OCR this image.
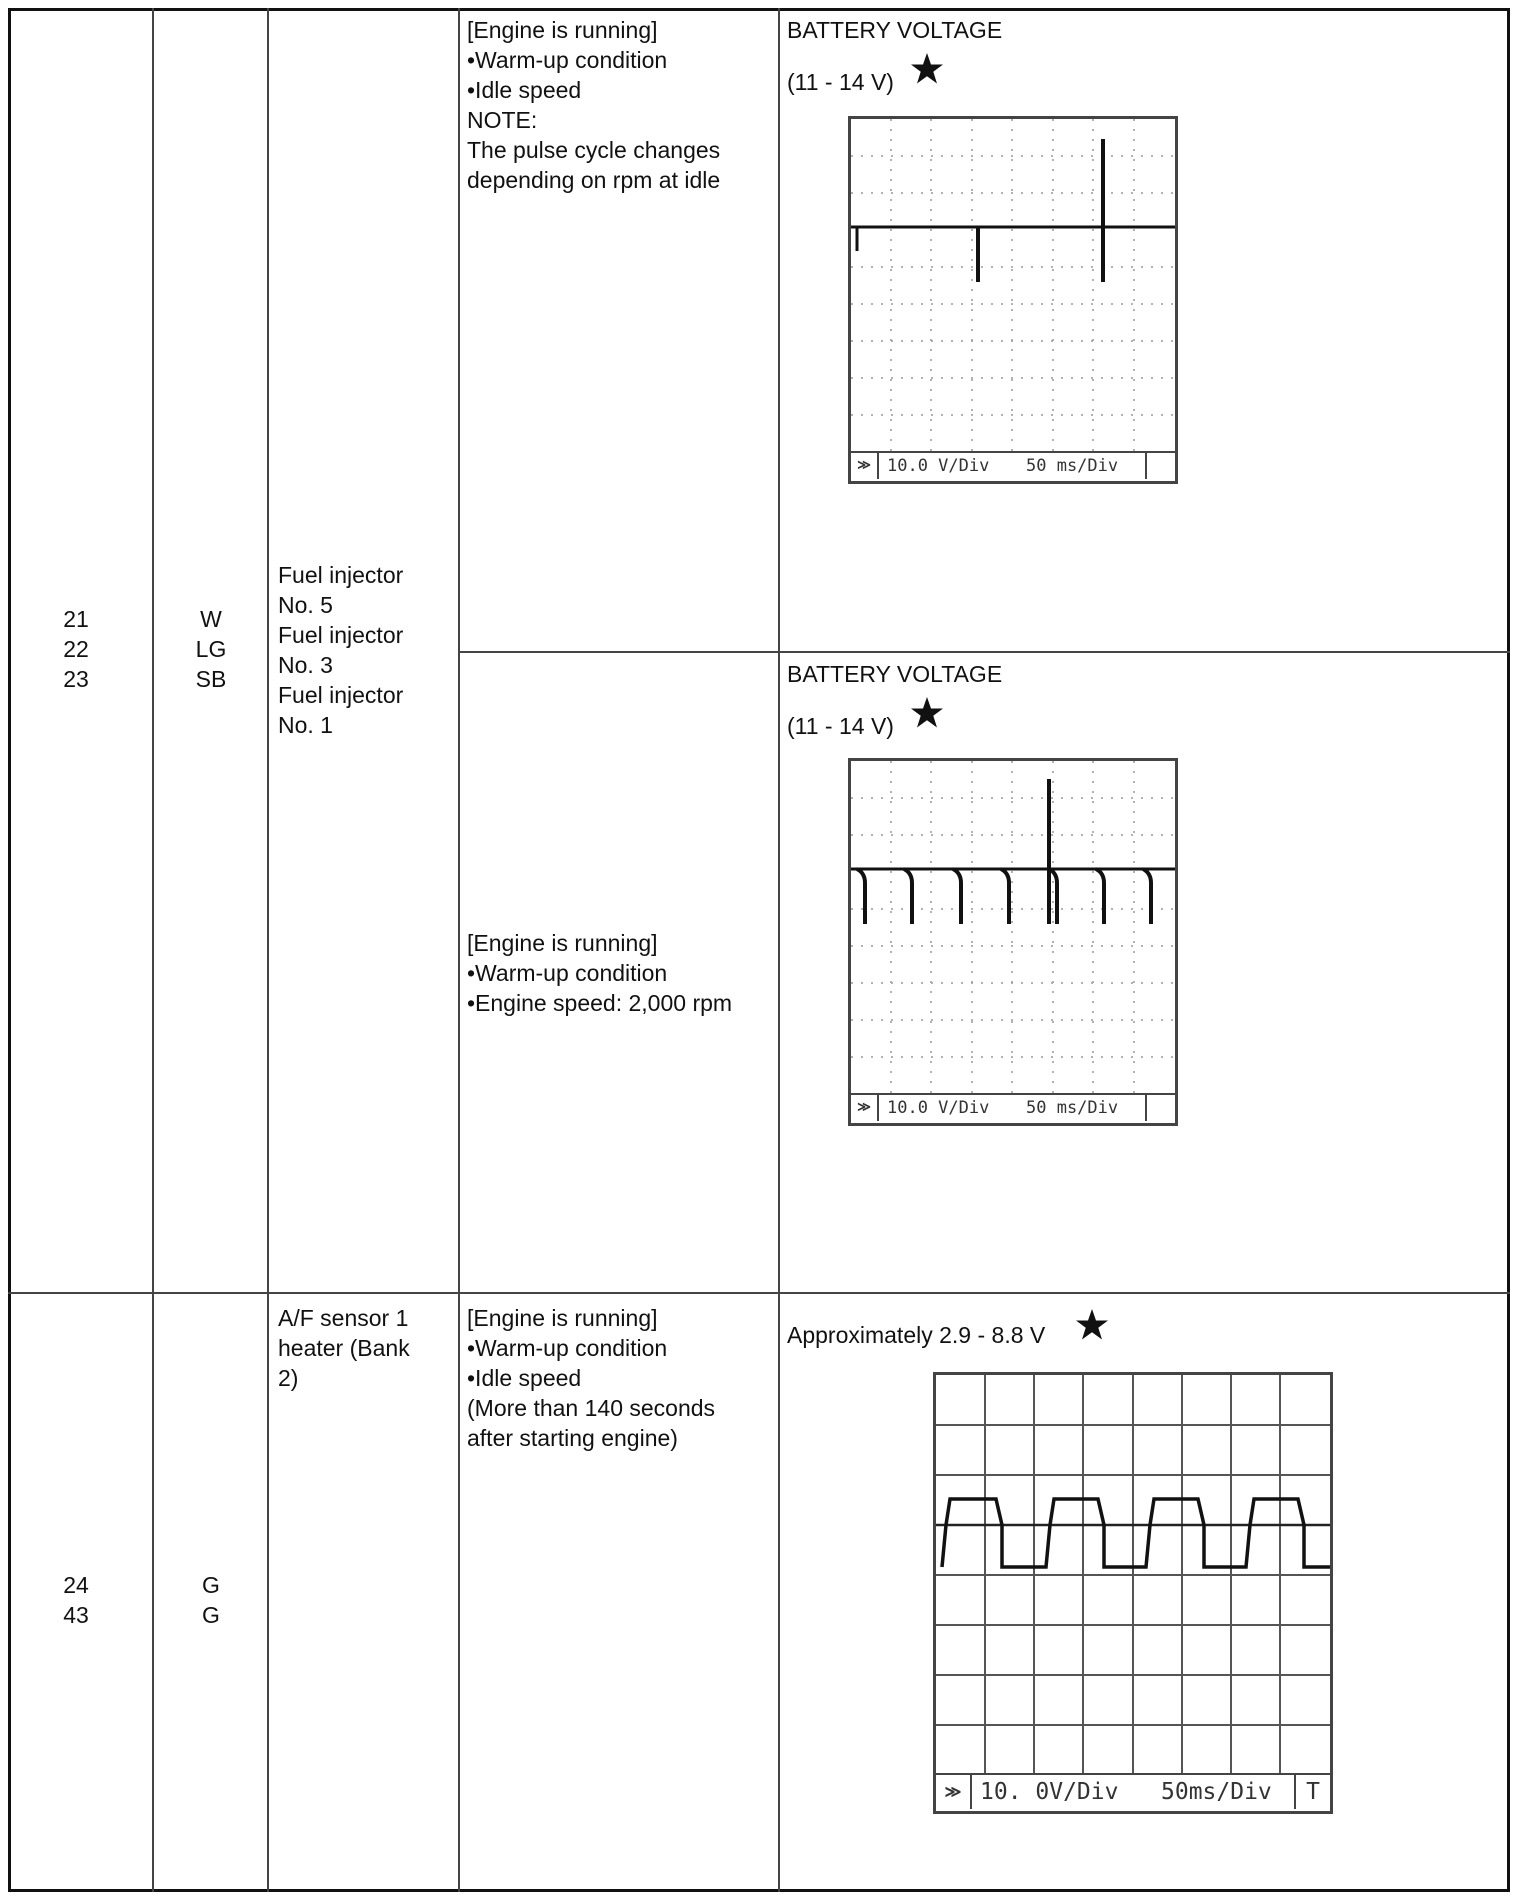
21
22
23
W
LG
SB
Fuel injector
No. 5
Fuel injector
No. 3
Fuel injector
No. 1
[Engine is running]
•Warm-up condition
•Idle speed
NOTE:
The pulse cycle changes
depending on rpm at idle
BATTERY VOLTAGE
(11 - 14 V)
≫ 10.0 V/Div 50 ms/Div
[Engine is running]
•Warm-up condition
•Engine speed: 2,000 rpm
BATTERY VOLTAGE
(11 - 14 V)
≫ 10.0 V/Div 50 ms/Div
24
43
G
G
A/F sensor 1
heater (Bank
2)
[Engine is running]
•Warm-up condition
•Idle speed
(More than 140 seconds
after starting engine)
Approximately 2.9 - 8.8 V
≫ 10. 0V/Div 50ms/Div	T
